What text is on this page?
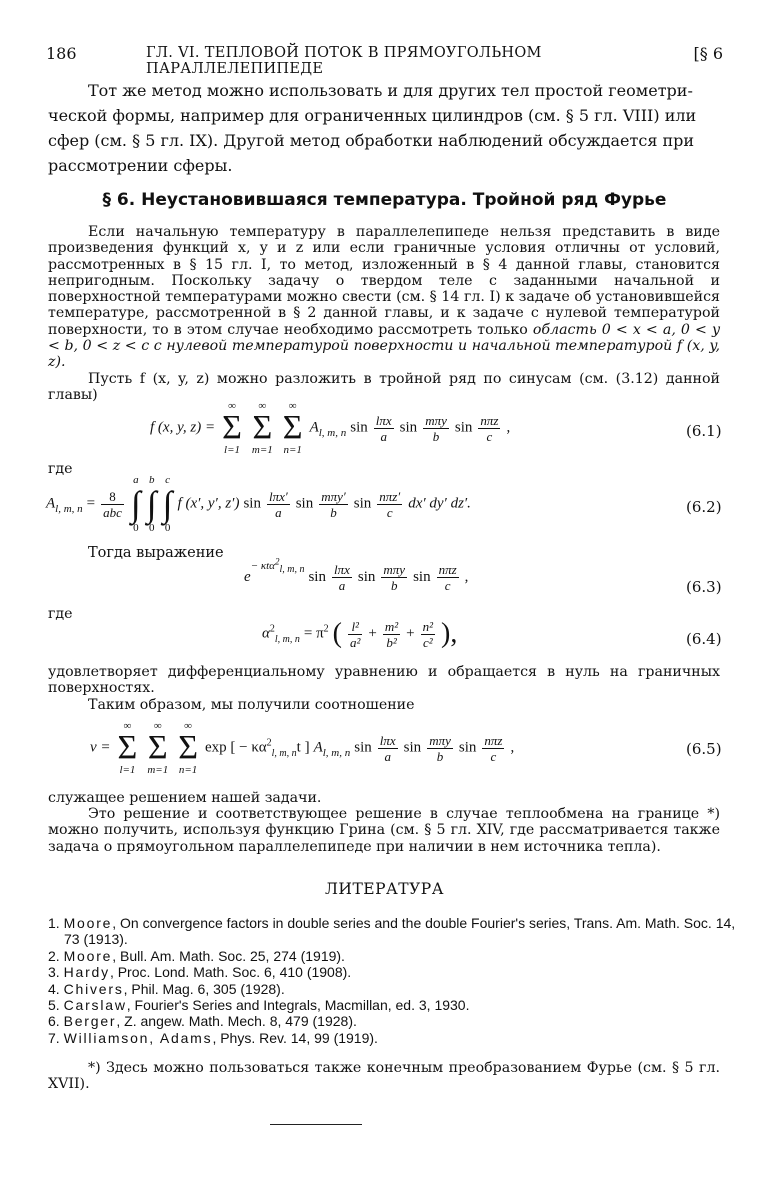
186	ГЛ. VI. ТЕПЛОВОЙ ПОТОК В ПРЯМОУГОЛЬНОМ ПАРАЛЛЕЛЕПИПЕДЕ
[§ 6
Тот же метод можно использовать и для других тел простой геометри-
ческой формы, например для ограниченных цилиндров (см. § 5 гл. VIII) или
сфер (см. § 5 гл. IX). Другой метод обработки наблюдений обсуждается при
рассмотрении сферы.
§ 6. Неустановившаяся температура. Тройной ряд Фурье
Если начальную температуру в параллелепипеде нельзя представить в виде произведения функций x, y и z или если граничные условия отличны от условий, рассмотренных в § 15 гл. I, то метод, изложенный в § 4 данной главы, становится непригодным. Поскольку задачу о твердом теле с заданными начальной и поверхностной температурами можно свести (см. § 14 гл. I) к задаче об установившейся температуре, рассмотренной в § 2 данной главы, и к задаче с нулевой температурой поверхности, то в этом случае необходимо рассмотреть только область 0 < x < a, 0 < y < b, 0 < z < c с нулевой температурой поверхности и начальной температурой f (x, y, z).
Пусть f (x, y, z) можно разложить в тройной ряд по синусам (см. (3.12) данной главы)
f (x, y, z) =
∞
Σ
l=1

∞
Σ
m=1

∞
Σ
n=1
$A_{l, m, n}$ $\sin \frac{\text{lπx}}{a}$ $\sin \frac{\text{mπy}}{b}$ $\sin \frac{\text{nπz}}{c}$ ,	(6.1)
где
$A_{l, m, n} = \frac{8}{\text{abc}}$

a
∫
0

b
∫
0

c
∫
0
f (x′, y′, z′) $\sin \frac{\text{lπx′}}{a}$ $\sin \frac{\text{mπy′}}{b}$ $\sin \frac{\text{nπz′}}{c} dx'$ dy′ dz′.	(6.2)
Тогда выражение
$e^{- \kappa t\alpha^2_{l, m, n}}$ $\sin \frac{\text{lπx}}{a}$ $\sin \frac{\text{mπy}}{b}$ $\sin \frac{\text{nπz}}{c}$ ,
(6.3)
где
$\alpha^2_{l, m, n} = \pi^2$ ( $\frac{\text{l²}}{\text{a²}} + \frac{\text{m²}}{\text{b²}} + \frac{\text{n²}}{\text{c²}}$ ),	(6.4)
удовлетворяет дифференциальному уравнению и обращается в нуль на граничных поверхностях.
Таким образом, мы получили соотношение
v =
∞
Σ
l=1

∞
Σ
m=1

∞
Σ
n=1
exp [ − $\kappa\alpha^2_{l, m, n}t$ ] $A_{l, m, n}$ $\sin \frac{\text{lπx}}{a}$ $\sin \frac{\text{mπy}}{b}$ $\sin \frac{\text{nπz}}{c}$ ,	(6.5)
служащее решением нашей задачи.
Это решение и соответствующее решение в случае теплообмена на границе *) можно получить, используя функцию Грина (см. § 5 гл. XIV, где рассматривается также задача о прямоугольном параллелепипеде при наличии в нем источника тепла).
ЛИТЕРАТУРА
1. Moore, On convergence factors in double series and the double Fourier's series, Trans. Am. Math. Soc. 14, 73 (1913).
2. Moore, Bull. Am. Math. Soc. 25, 274 (1919).
3. Hardy, Proc. Lond. Math. Soc. 6, 410 (1908).
4. Chivers, Phil. Mag. 6, 305 (1928).
5. Carslaw, Fourier's Series and Integrals, Macmillan, ed. 3, 1930.
6. Berger, Z. angew. Math. Mech. 8, 479 (1928).
7. Williamson, Adams, Phys. Rev. 14, 99 (1919).
*) Здесь можно пользоваться также конечным преобразованием Фурье (см. § 5 гл. XVII).
